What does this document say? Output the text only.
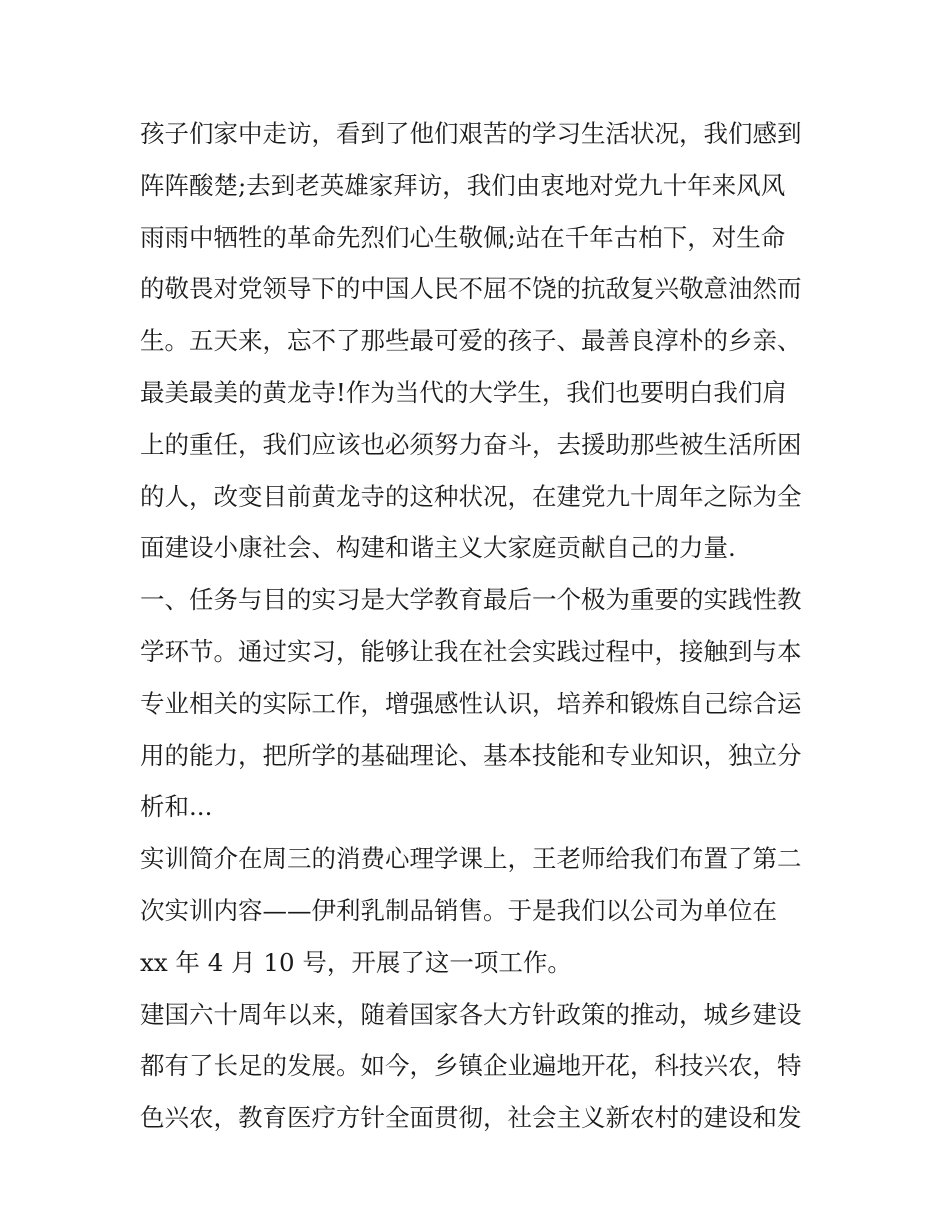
孩子们家中走访，看到了他们艰苦的学习生活状况，我们感到
阵阵酸楚;去到老英雄家拜访，我们由衷地对党九十年来风风
雨雨中牺牲的革命先烈们心生敬佩;站在千年古柏下，对生命
的敬畏对党领导下的中国人民不屈不饶的抗敌复兴敬意油然而
生。五天来，忘不了那些最可爱的孩子、最善良淳朴的乡亲、
最美最美的黄龙寺!作为当代的大学生，我们也要明白我们肩
上的重任，我们应该也必须努力奋斗，去援助那些被生活所困
的人，改变目前黄龙寺的这种状况，在建党九十周年之际为全
面建设小康社会、构建和谐主义大家庭贡献自己的力量.
一、任务与目的实习是大学教育最后一个极为重要的实践性教
学环节。通过实习，能够让我在社会实践过程中，接触到与本
专业相关的实际工作，增强感性认识，培养和锻炼自己综合运
用的能力，把所学的基础理论、基本技能和专业知识，独立分
析和...
实训简介在周三的消费心理学课上，王老师给我们布置了第二
次实训内容——伊利乳制品销售。于是我们以公司为单位在
xx 年 4 月 10 号，开展了这一项工作。
建国六十周年以来，随着国家各大方针政策的推动，城乡建设
都有了长足的发展。如今，乡镇企业遍地开花，科技兴农，特
色兴农，教育医疗方针全面贯彻，社会主义新农村的建设和发
